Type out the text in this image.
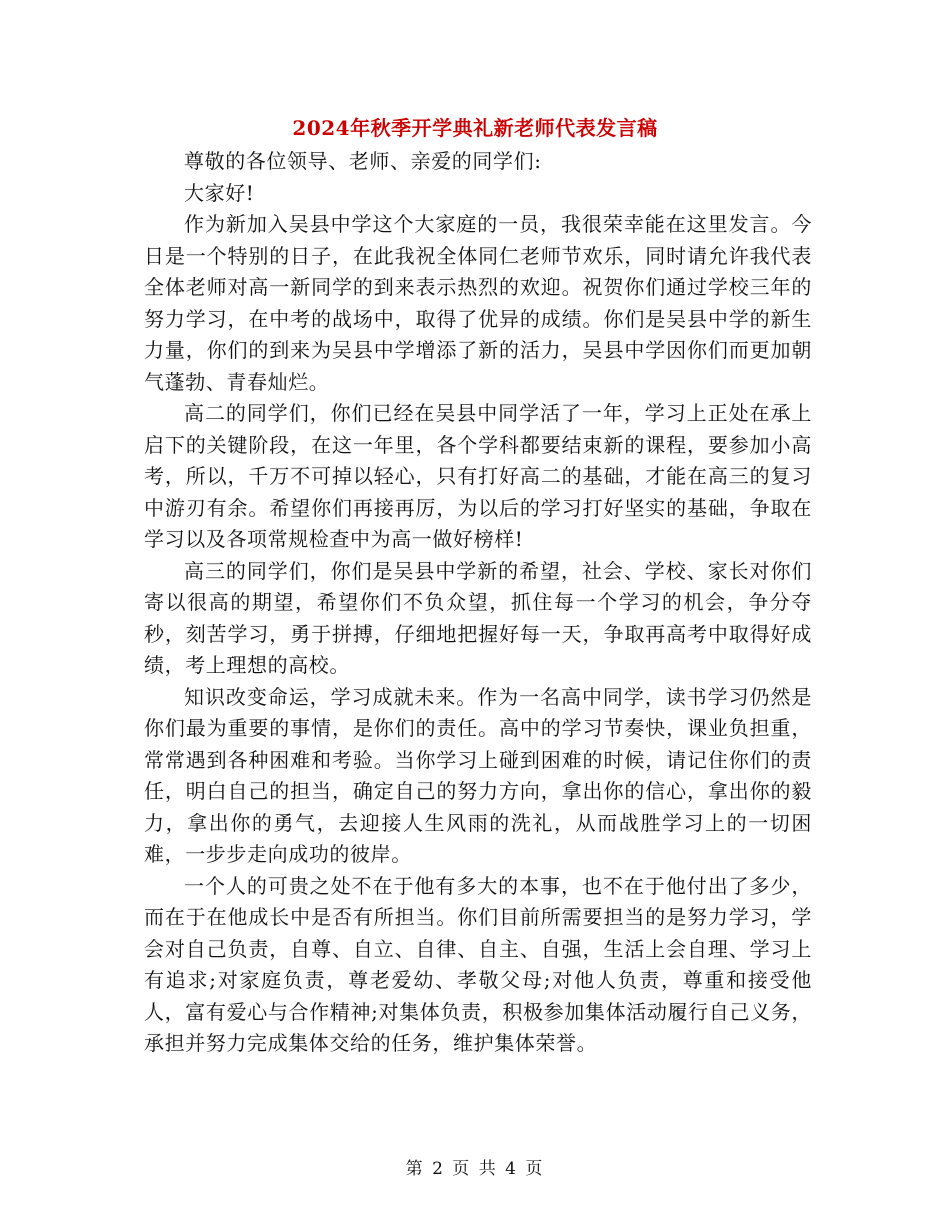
2024年秋季开学典礼新老师代表发言稿

尊敬的各位领导、老师、亲爱的同学们:

大家好!

作为新加入吴县中学这个大家庭的一员，我很荣幸能在这里发言。今日是一个特别的日子，在此我祝全体同仁老师节欢乐，同时请允许我代表全体老师对高一新同学的到来表示热烈的欢迎。祝贺你们通过学校三年的努力学习，在中考的战场中，取得了优异的成绩。你们是吴县中学的新生力量，你们的到来为吴县中学增添了新的活力，吴县中学因你们而更加朝气蓬勃、青春灿烂。

高二的同学们，你们已经在吴县中同学活了一年，学习上正处在承上启下的关键阶段，在这一年里，各个学科都要结束新的课程，要参加小高考，所以，千万不可掉以轻心，只有打好高二的基础，才能在高三的复习中游刃有余。希望你们再接再厉，为以后的学习打好坚实的基础，争取在学习以及各项常规检查中为高一做好榜样!

高三的同学们，你们是吴县中学新的希望，社会、学校、家长对你们寄以很高的期望，希望你们不负众望，抓住每一个学习的机会，争分夺秒，刻苦学习，勇于拼搏，仔细地把握好每一天，争取再高考中取得好成绩，考上理想的高校。

知识改变命运，学习成就未来。作为一名高中同学，读书学习仍然是你们最为重要的事情，是你们的责任。高中的学习节奏快，课业负担重，常常遇到各种困难和考验。当你学习上碰到困难的时候，请记住你们的责任，明白自己的担当，确定自己的努力方向，拿出你的信心，拿出你的毅力，拿出你的勇气，去迎接人生风雨的洗礼，从而战胜学习上的一切困难，一步步走向成功的彼岸。

一个人的可贵之处不在于他有多大的本事，也不在于他付出了多少，而在于在他成长中是否有所担当。你们目前所需要担当的是努力学习，学会对自己负责，自尊、自立、自律、自主、自强，生活上会自理、学习上有追求;对家庭负责，尊老爱幼、孝敬父母;对他人负责，尊重和接受他人，富有爱心与合作精神;对集体负责，积极参加集体活动履行自己义务，承担并努力完成集体交给的任务，维护集体荣誉。

第 2 页 共 4 页
